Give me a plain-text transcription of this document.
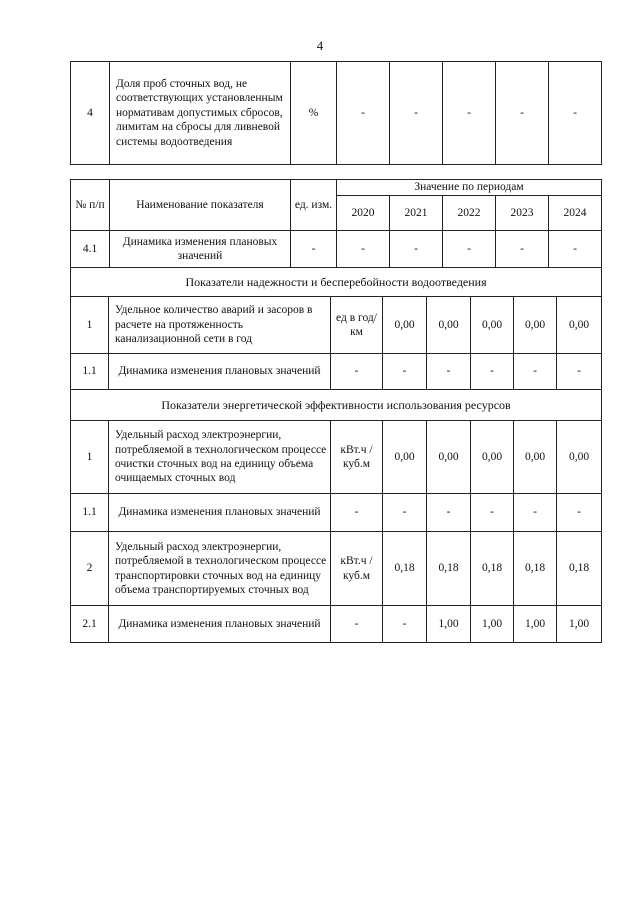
4
4	Доля проб сточных вод, не соответствующих установленным нормативам допустимых сбросов, лимитам на сбросы для ливневой системы водоотведения	%	-	-	-	-	-
№ п/п	Наименование показателя	ед. изм.	Значение по периодам				
			2020	2021	2022	2023	2024
4.1	Динамика изменения плановых значений	-	-	-	-	-	-
Показатели надежности и бесперебойности водоотведения							
1	Удельное количество аварий и засоров в расчете на протяженность канализационной сети в год	ед в год/ км	0,00	0,00	0,00	0,00	0,00
1.1	Динамика изменения плановых значений	-	-	-	-	-	-
Показатели энергетической эффективности использования ресурсов							
1	Удельный расход электроэнергии, потребляемой в технологическом процессе очистки сточных вод на единицу объема очищаемых сточных вод	кВт.ч / куб.м	0,00	0,00	0,00	0,00	0,00
1.1	Динамика изменения плановых значений	-	-	-	-	-	-
2	Удельный расход электроэнергии, потребляемой в технологическом процессе транспортировки сточных вод на единицу объема транспортируемых сточных вод	кВт.ч / куб.м	0,18	0,18	0,18	0,18	0,18
2.1	Динамика изменения плановых значений	-	-	1,00	1,00	1,00	1,00
